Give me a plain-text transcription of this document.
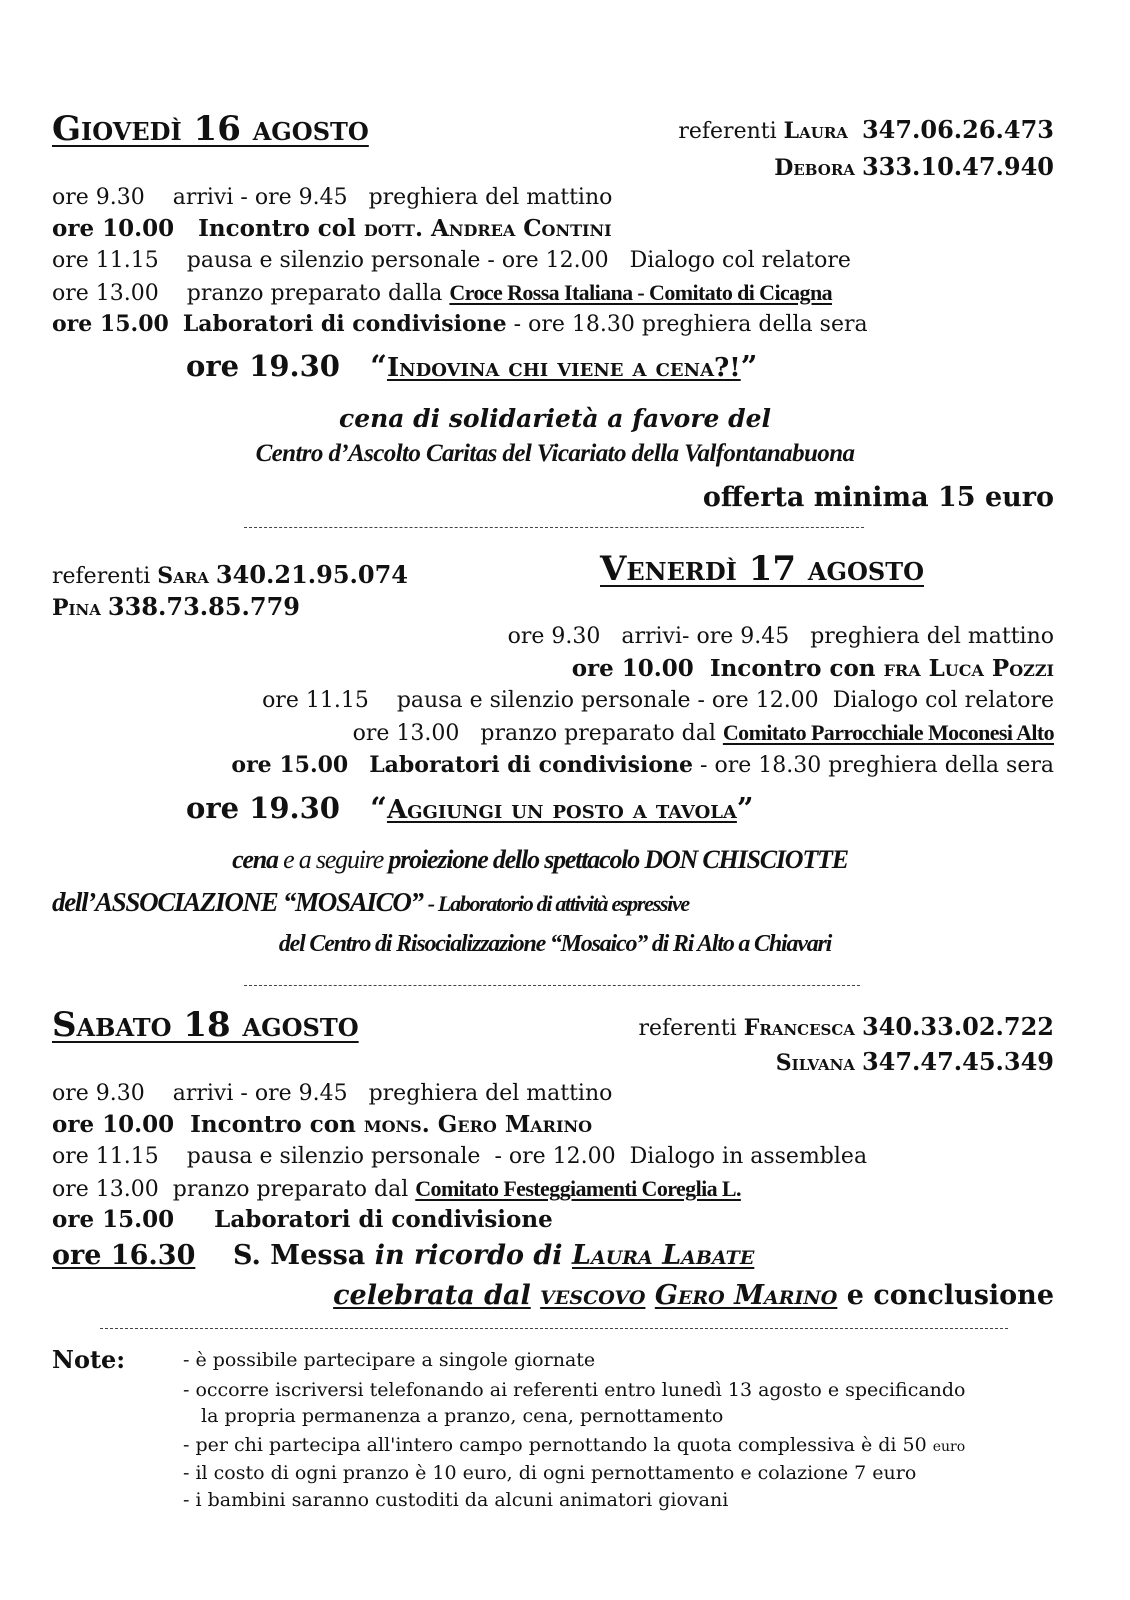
Giovedì 16 agosto	referenti Laura 347.06.26.473
Debora 333.10.47.940
ore 9.30 arrivi - ore 9.45 preghiera del mattino
ore 10.00 Incontro col dott. Andrea Contini
ore 11.15 pausa e silenzio personale - ore 12.00 Dialogo col relatore
ore 13.00 pranzo preparato dalla Croce Rossa Italiana - Comitato di Cicagna
ore 15.00 Laboratori di condivisione - ore 18.30 preghiera della sera
ore 19.30 “Indovina chi viene a cena?!”
cena di solidarietà a favore del
Centro d’Ascolto Caritas del Vicariato della Valfontanabuona
offerta minima 15 euro
referenti Sara 340.21.95.074
Pina 338.73.85.779
Venerdì 17 agosto
ore 9.30 arrivi- ore 9.45 preghiera del mattino
ore 10.00 Incontro con fra Luca Pozzi
ore 11.15 pausa e silenzio personale - ore 12.00 Dialogo col relatore
ore 13.00 pranzo preparato dal Comitato Parrocchiale Moconesi Alto
ore 15.00 Laboratori di condivisione - ore 18.30 preghiera della sera
ore 19.30 “Aggiungi un posto a tavola”
cena e a seguire proiezione dello spettacolo DON CHISCIOTTE
dell’ASSOCIAZIONE “MOSAICO” - Laboratorio di attività espressive
del Centro di Risocializzazione “Mosaico” di Ri Alto a Chiavari
Sabato 18 agosto	referenti Francesca 340.33.02.722
Silvana 347.47.45.349
ore 9.30 arrivi - ore 9.45 preghiera del mattino
ore 10.00 Incontro con mons. Gero Marino
ore 11.15 pausa e silenzio personale - ore 12.00 Dialogo in assemblea
ore 13.00 pranzo preparato dal Comitato Festeggiamenti Coreglia L.
ore 15.00 Laboratori di condivisione
ore 16.30 S. Messa in ricordo di Laura Labate
celebrata dal vescovo Gero Marino e conclusione
Note:	- è possibile partecipare a singole giornate
- occorre iscriversi telefonando ai referenti entro lunedì 13 agosto e specificando
la propria permanenza a pranzo, cena, pernottamento
- per chi partecipa all'intero campo pernottando la quota complessiva è di 50 euro
- il costo di ogni pranzo è 10 euro, di ogni pernottamento e colazione 7 euro
- i bambini saranno custoditi da alcuni animatori giovani
